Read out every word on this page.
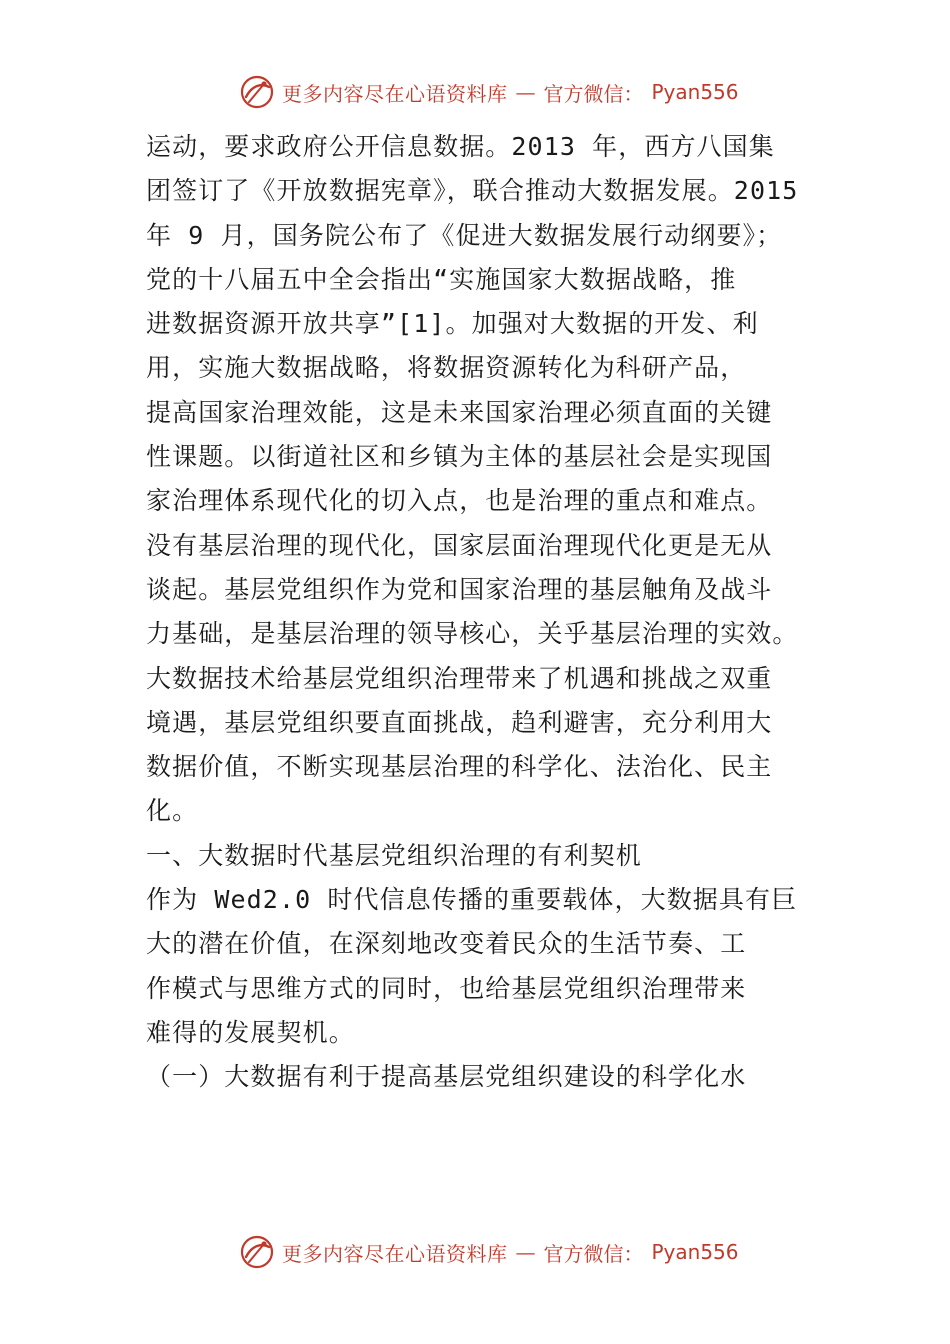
更多内容尽在心语资料库 — 官方微信： Pyan556
运动，要求政府公开信息数据。2013 年，西方八国集
团签订了《开放数据宪章》，联合推动大数据发展。2015
年 9 月，国务院公布了《促进大数据发展行动纲要》；
党的十八届五中全会指出“实施国家大数据战略，推
进数据资源开放共享”[1]。加强对大数据的开发、利
用，实施大数据战略，将数据资源转化为科研产品，
提高国家治理效能，这是未来国家治理必须直面的关键
性课题。以街道社区和乡镇为主体的基层社会是实现国
家治理体系现代化的切入点，也是治理的重点和难点。
没有基层治理的现代化，国家层面治理现代化更是无从
谈起。基层党组织作为党和国家治理的基层触角及战斗
力基础，是基层治理的领导核心，关乎基层治理的实效。
大数据技术给基层党组织治理带来了机遇和挑战之双重
境遇，基层党组织要直面挑战，趋利避害，充分利用大
数据价值，不断实现基层治理的科学化、法治化、民主
化。
一、大数据时代基层党组织治理的有利契机
作为 Wed2.0 时代信息传播的重要载体，大数据具有巨
大的潜在价值，在深刻地改变着民众的生活节奏、工
作模式与思维方式的同时，也给基层党组织治理带来
难得的发展契机。
（一）大数据有利于提高基层党组织建设的科学化水
更多内容尽在心语资料库 — 官方微信： Pyan556
